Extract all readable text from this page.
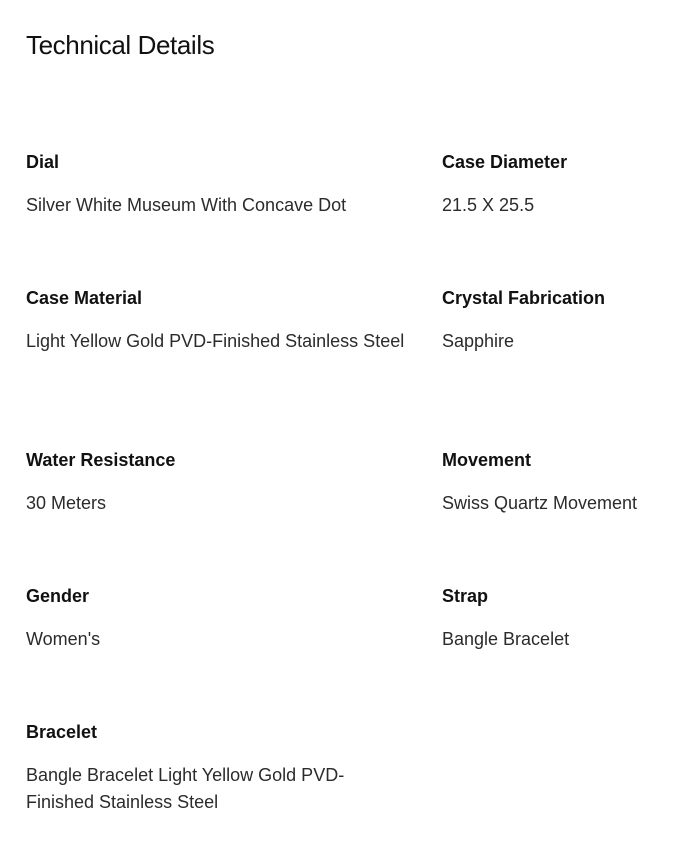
Technical Details
Dial
Silver White Museum With Concave Dot
Case Diameter
21.5 X 25.5
Case Material
Light Yellow Gold PVD-Finished Stainless Steel
Crystal Fabrication
Sapphire
Water Resistance
30 Meters
Movement
Swiss Quartz Movement
Gender
Women's
Strap
Bangle Bracelet
Bracelet
Bangle Bracelet Light Yellow Gold PVD-Finished Stainless Steel
